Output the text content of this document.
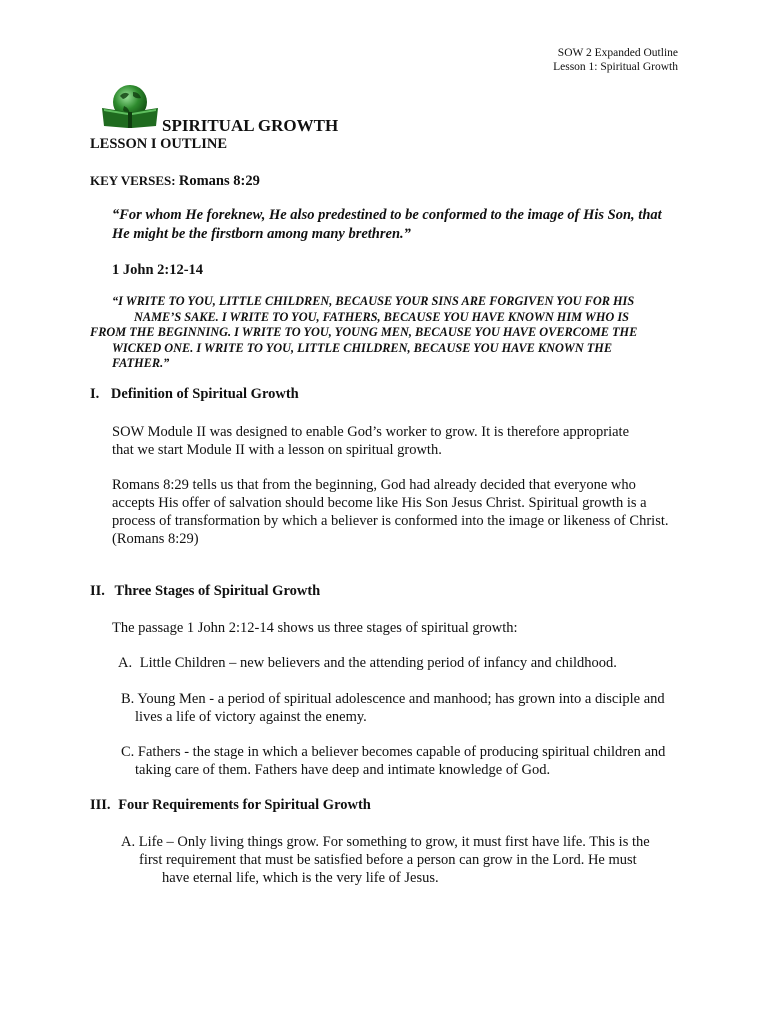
SOW 2 Expanded Outline
Lesson 1: Spiritual Growth
SPIRITUAL GROWTH
LESSON I OUTLINE
KEY VERSES: Romans 8:29
“For whom He foreknew, He also predestined to be conformed to the image of His Son, that He might be the firstborn among many brethren.”
1 John 2:12-14
“I WRITE TO YOU, LITTLE CHILDREN, BECAUSE YOUR SINS ARE FORGIVEN YOU FOR HIS
NAME’S SAKE. I WRITE TO YOU, FATHERS, BECAUSE YOU HAVE KNOWN HIM WHO IS
FROM THE BEGINNING. I WRITE TO YOU, YOUNG MEN, BECAUSE YOU HAVE OVERCOME THE
WICKED ONE. I WRITE TO YOU, LITTLE CHILDREN, BECAUSE YOU HAVE KNOWN THE
FATHER.”
I. Definition of Spiritual Growth
SOW Module II was designed to enable God’s worker to grow. It is therefore appropriate that we start Module II with a lesson on spiritual growth.
Romans 8:29 tells us that from the beginning, God had already decided that everyone who accepts His offer of salvation should become like His Son Jesus Christ. Spiritual growth is a process of transformation by which a believer is conformed into the image or likeness of Christ. (Romans 8:29)
II. Three Stages of Spiritual Growth
The passage 1 John 2:12-14 shows us three stages of spiritual growth:
A. Little Children – new believers and the attending period of infancy and childhood.
B. Young Men - a period of spiritual adolescence and manhood; has grown into a disciple and lives a life of victory against the enemy.
C. Fathers - the stage in which a believer becomes capable of producing spiritual children and taking care of them. Fathers have deep and intimate knowledge of God.
III. Four Requirements for Spiritual Growth
A. Life – Only living things grow. For something to grow, it must first have life. This is the
first requirement that must be satisfied before a person can grow in the Lord. He must
have eternal life, which is the very life of Jesus.
